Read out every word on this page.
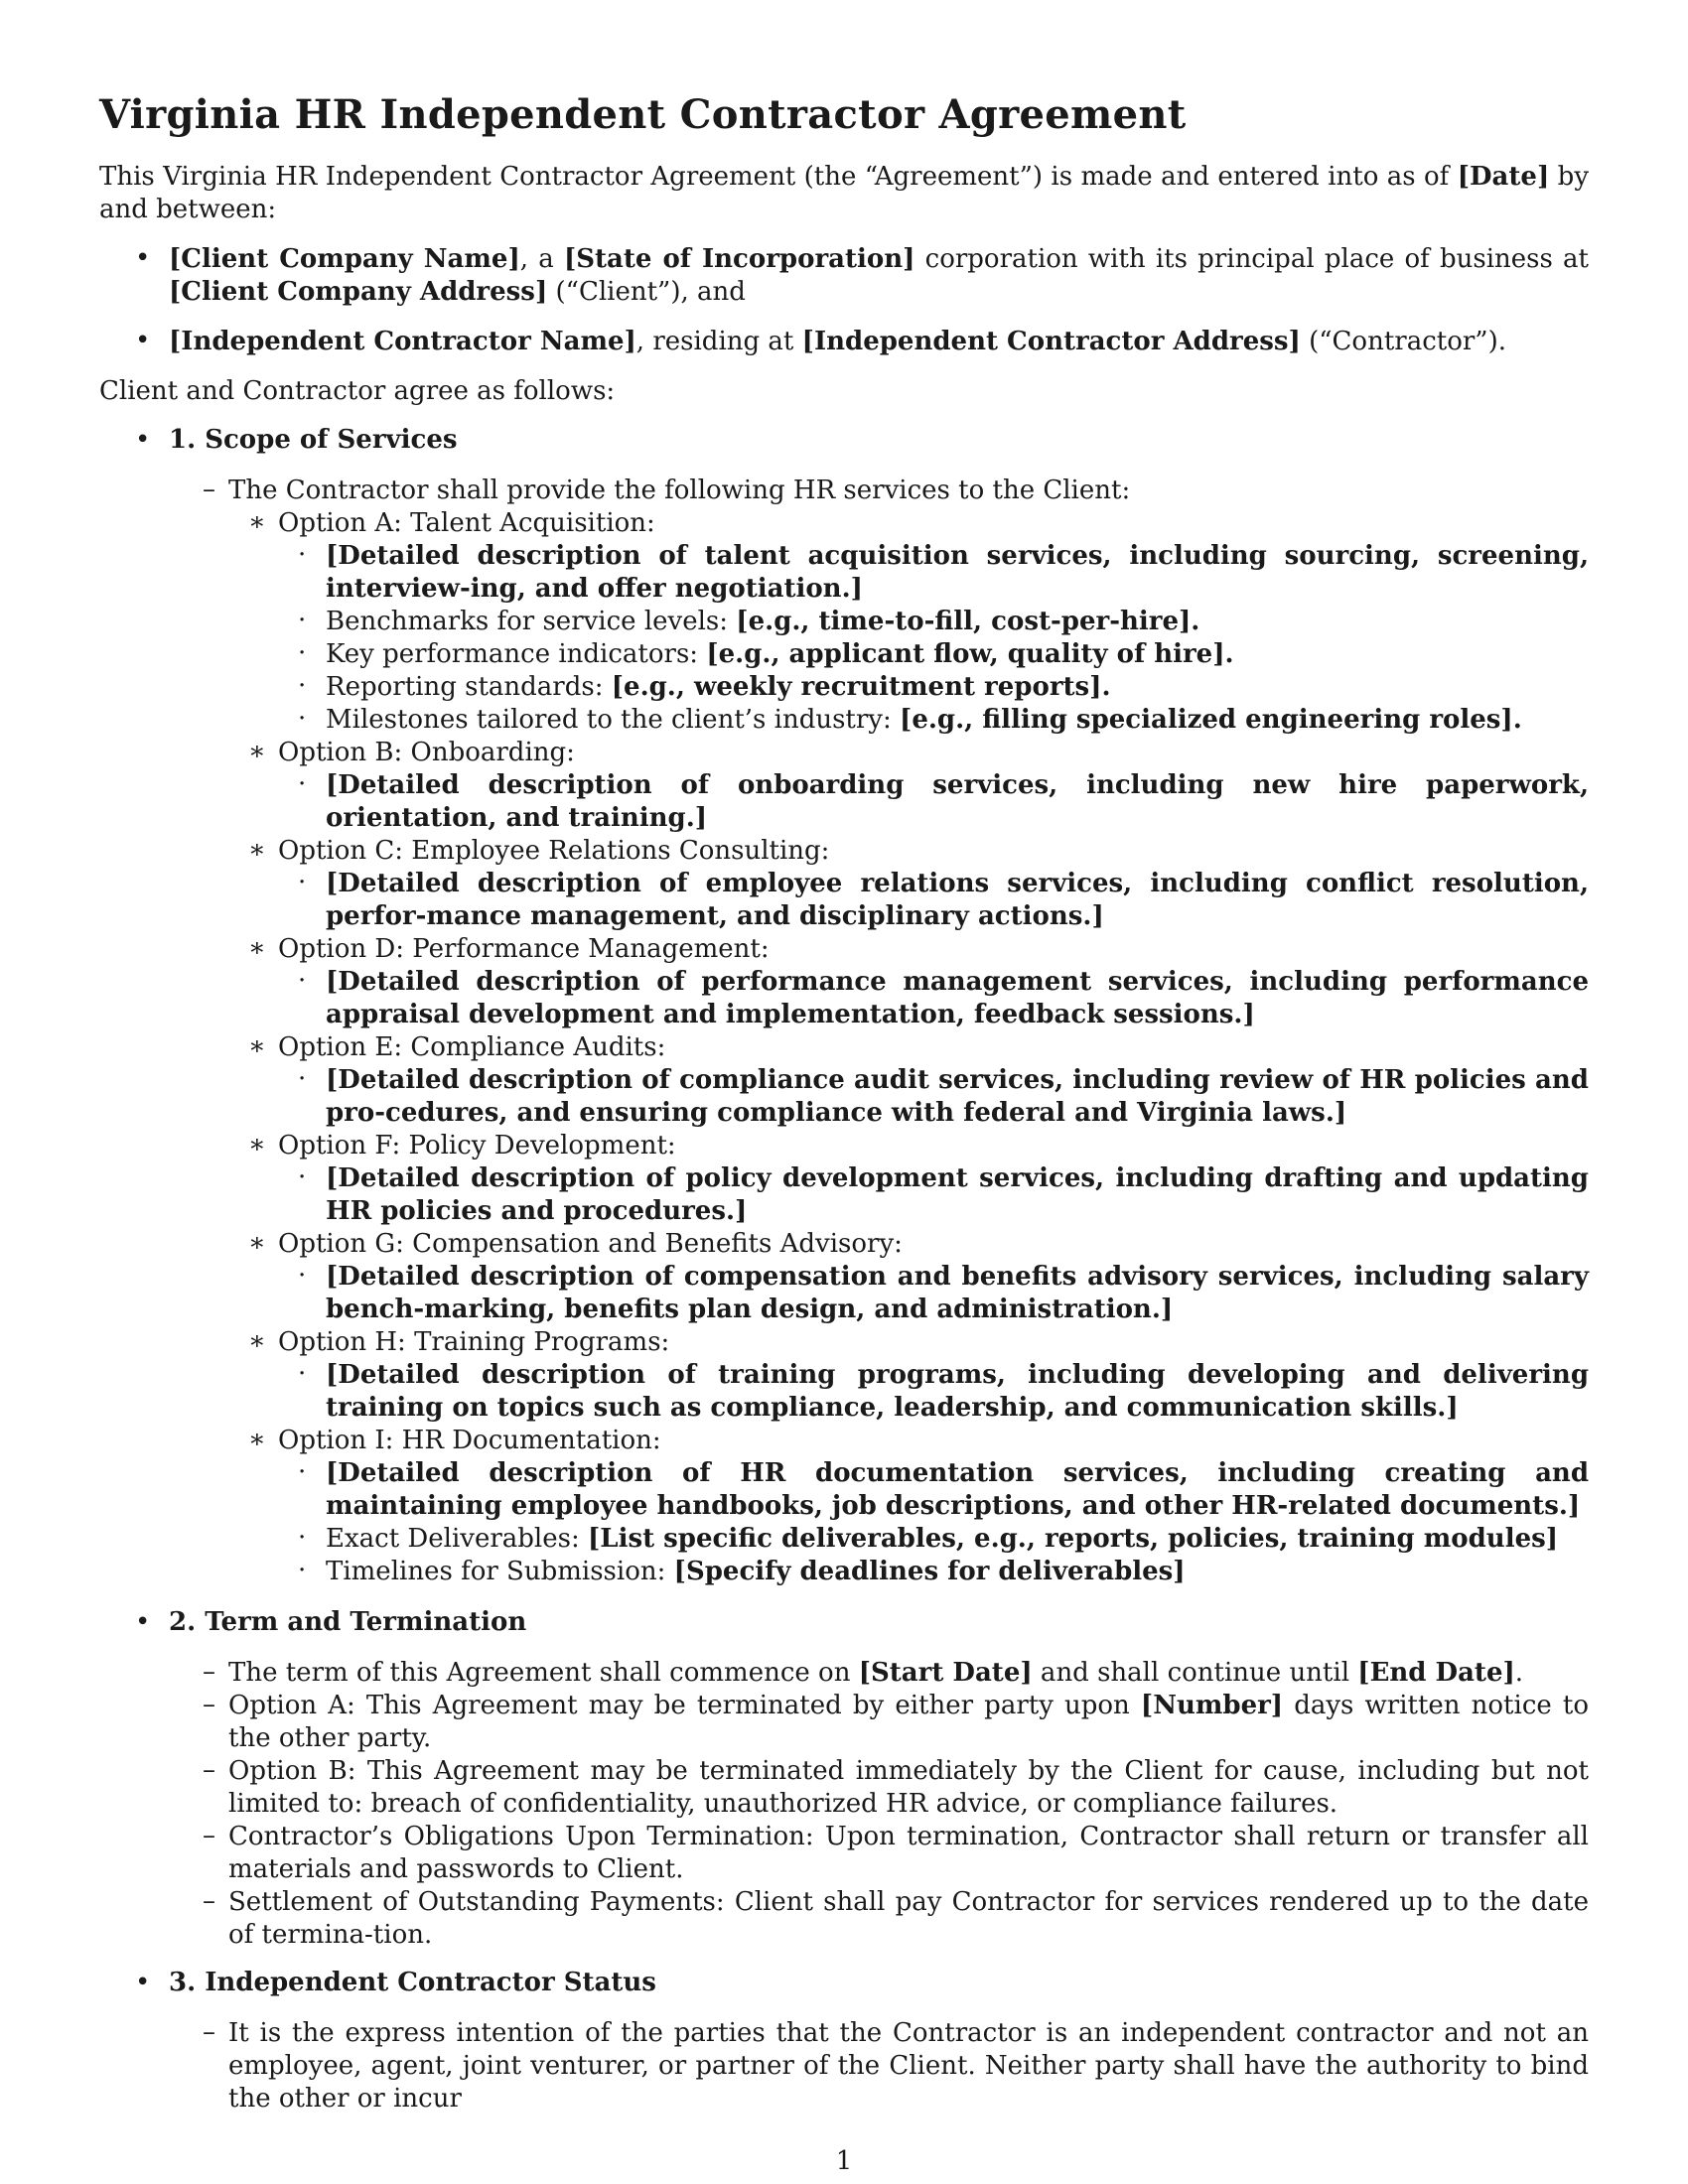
Virginia HR Independent Contractor Agreement
This Virginia HR Independent Contractor Agreement (the “Agreement”) is made and entered into as of [Date] by and between:
• [Client Company Name], a [State of Incorporation] corporation with its principal place of business at [Client Company Address] (“Client”), and
• [Independent Contractor Name], residing at [Independent Contractor Address] (“Contractor”).
Client and Contractor agree as follows:
• 1. Scope of Services
– The Contractor shall provide the following HR services to the Client:
∗ Option A: Talent Acquisition:
· [Detailed description of talent acquisition services, including sourcing, screening, interview-ing, and offer negotiation.]
· Benchmarks for service levels: [e.g., time-to-fill, cost-per-hire].
· Key performance indicators: [e.g., applicant flow, quality of hire].
· Reporting standards: [e.g., weekly recruitment reports].
· Milestones tailored to the client’s industry: [e.g., filling specialized engineering roles].
∗ Option B: Onboarding:
· [Detailed description of onboarding services, including new hire paperwork, orientation, and training.]
∗ Option C: Employee Relations Consulting:
· [Detailed description of employee relations services, including conflict resolution, perfor-mance management, and disciplinary actions.]
∗ Option D: Performance Management:
· [Detailed description of performance management services, including performance appraisal development and implementation, feedback sessions.]
∗ Option E: Compliance Audits:
· [Detailed description of compliance audit services, including review of HR policies and pro-cedures, and ensuring compliance with federal and Virginia laws.]
∗ Option F: Policy Development:
· [Detailed description of policy development services, including drafting and updating HR policies and procedures.]
∗ Option G: Compensation and Benefits Advisory:
· [Detailed description of compensation and benefits advisory services, including salary bench-marking, benefits plan design, and administration.]
∗ Option H: Training Programs:
· [Detailed description of training programs, including developing and delivering training on topics such as compliance, leadership, and communication skills.]
∗ Option I: HR Documentation:
· [Detailed description of HR documentation services, including creating and maintaining employee handbooks, job descriptions, and other HR-related documents.]
· Exact Deliverables: [List specific deliverables, e.g., reports, policies, training modules]
· Timelines for Submission: [Specify deadlines for deliverables]
• 2. Term and Termination
– The term of this Agreement shall commence on [Start Date] and shall continue until [End Date].
– Option A: This Agreement may be terminated by either party upon [Number] days written notice to the other party.
– Option B: This Agreement may be terminated immediately by the Client for cause, including but not limited to: breach of confidentiality, unauthorized HR advice, or compliance failures.
– Contractor’s Obligations Upon Termination: Upon termination, Contractor shall return or transfer all materials and passwords to Client.
– Settlement of Outstanding Payments: Client shall pay Contractor for services rendered up to the date of termina-tion.
• 3. Independent Contractor Status
– It is the express intention of the parties that the Contractor is an independent contractor and not an employee, agent, joint venturer, or partner of the Client. Neither party shall have the authority to bind the other or incur
1
